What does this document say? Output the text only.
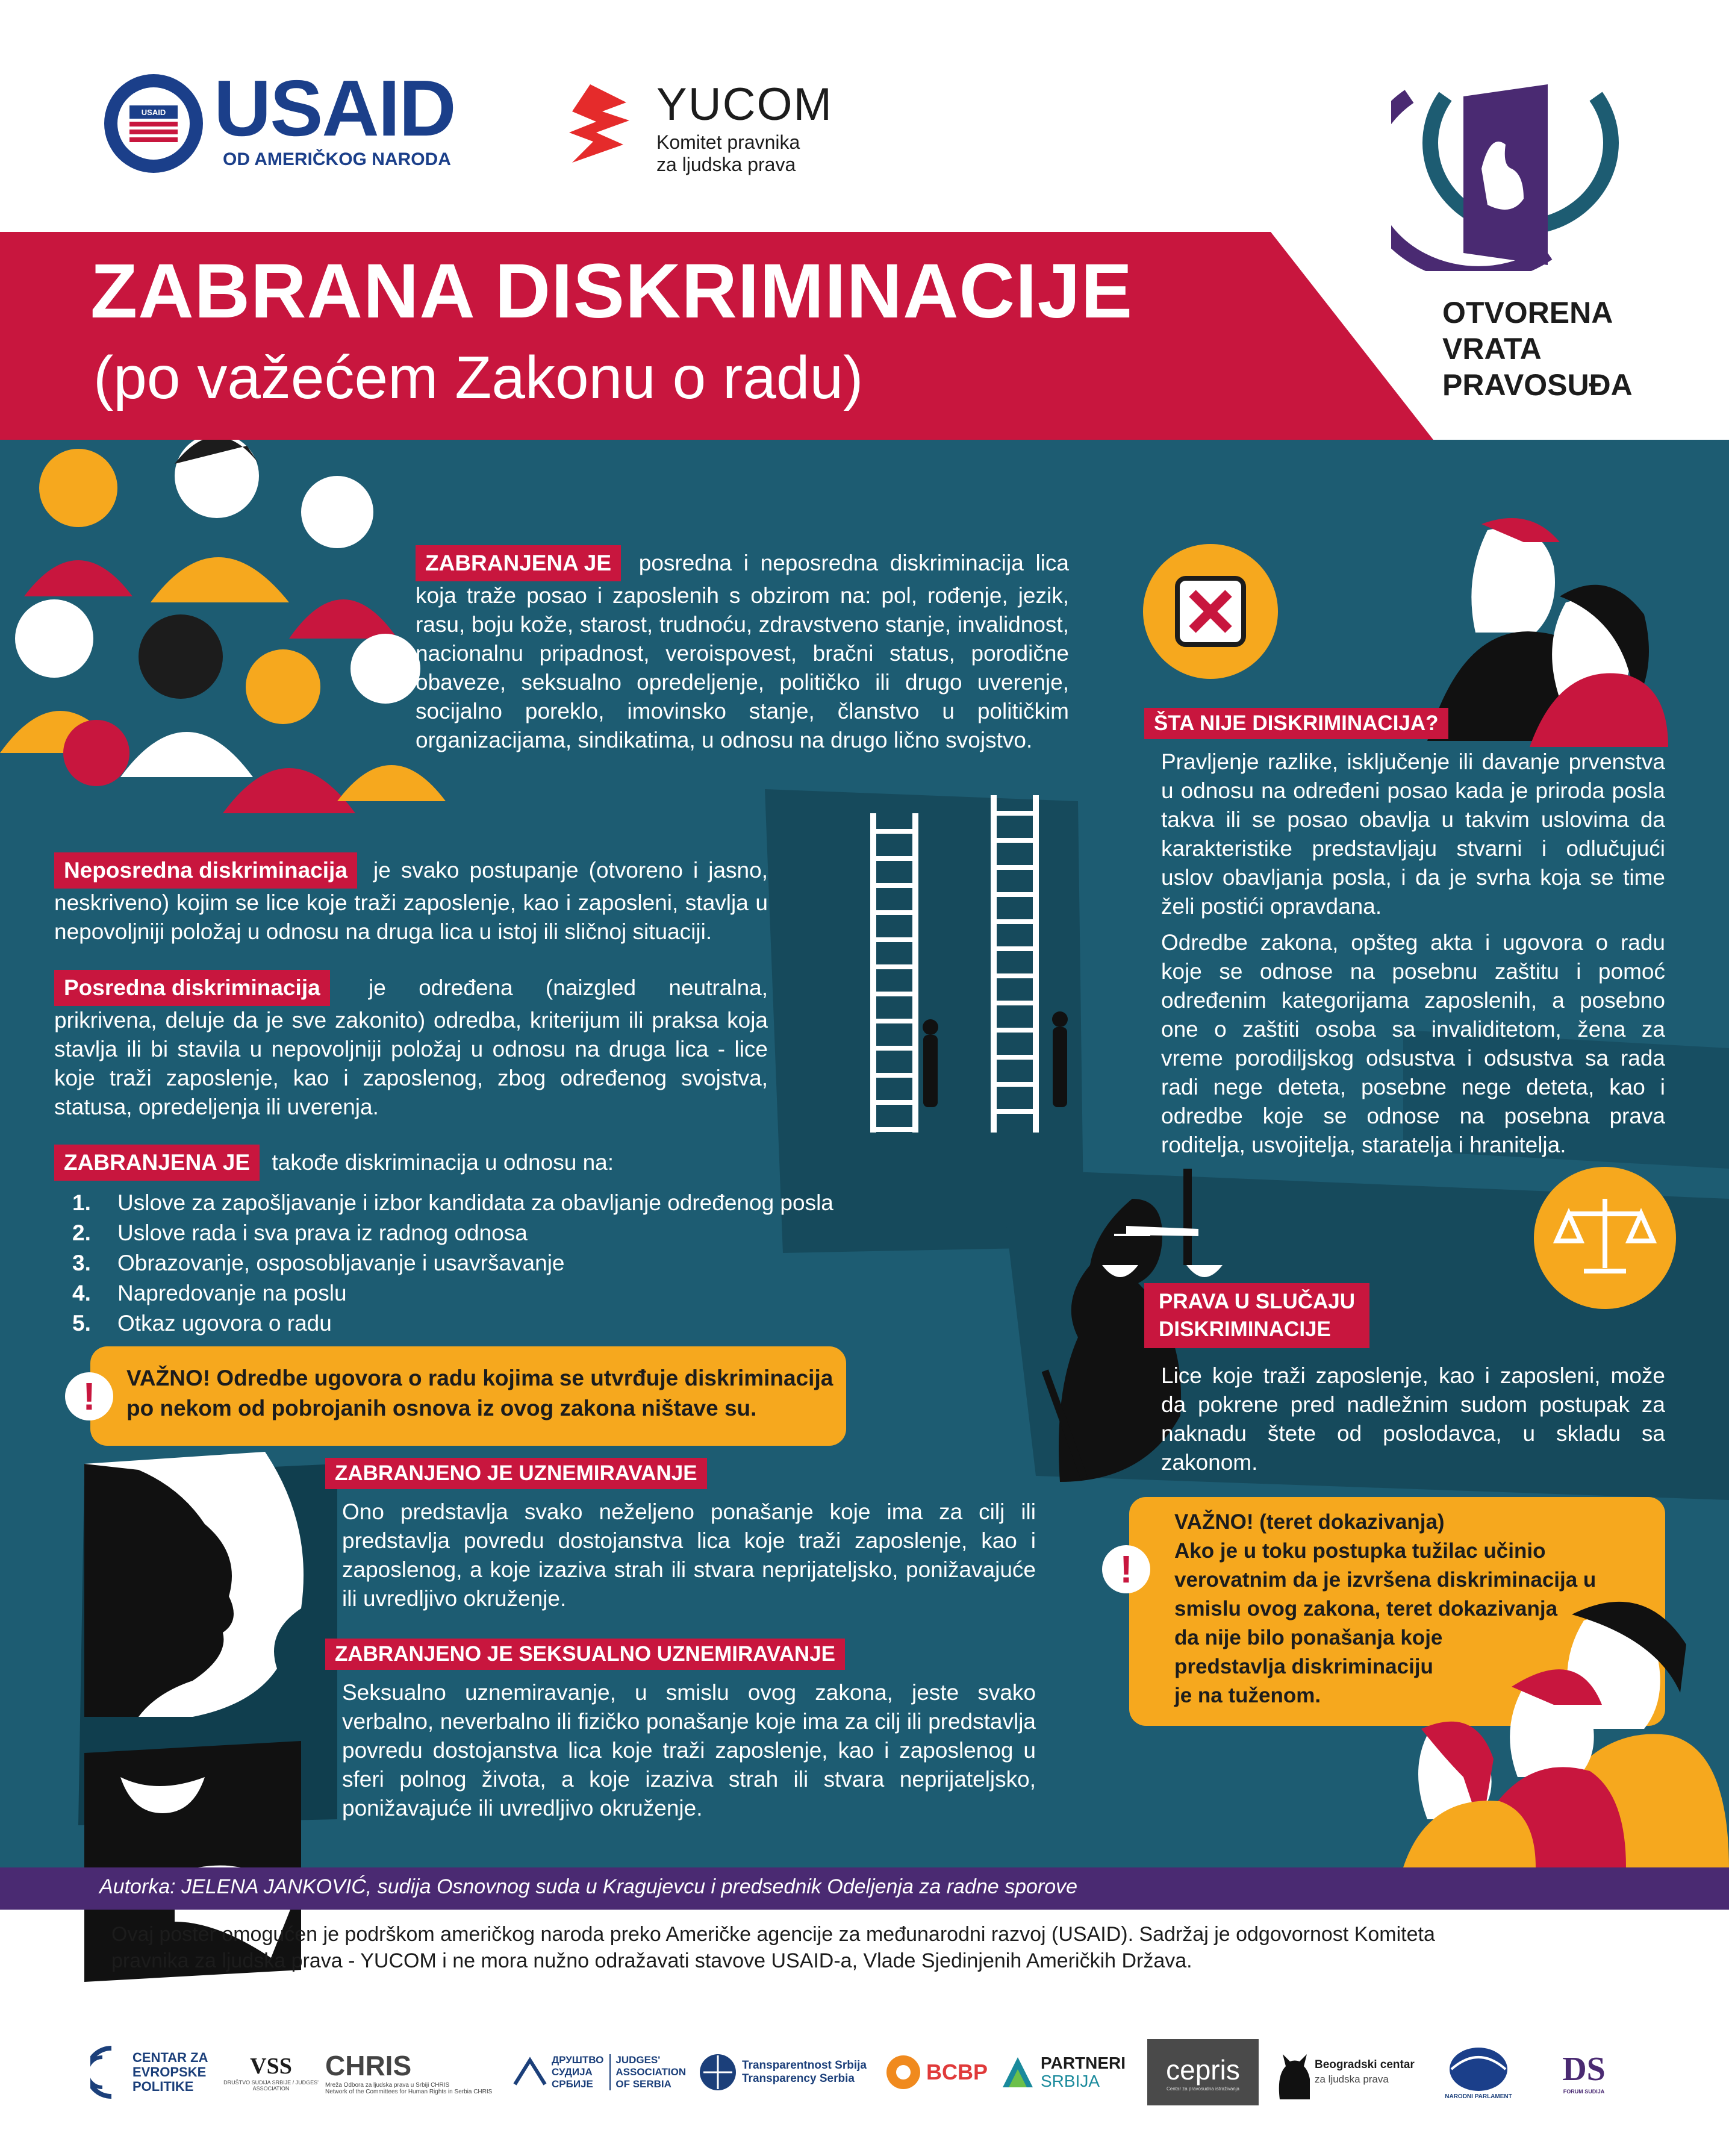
USAID USAID
OD AMERIČKOG NARODA
YUCOM
Komitet pravnika
za ljudska prava
ZABRANA DISKRIMINACIJE
(po važećem Zakonu o radu)
OTVORENA
VRATA
PRAVOSUĐA
ZABRANJENA JE posredna i neposredna diskriminacija lica koja traže posao i zaposlenih s obzirom na: pol, rođenje, jezik, rasu, boju kože, starost, trudnoću, zdravstveno stanje, invalidnost, nacionalnu pripadnost, veroispovest, bračni status, porodične obaveze, seksualno opredeljenje, političko ili drugo uverenje, socijalno poreklo, imovinsko stanje, članstvo u političkim organizacijama, sindikatima, u odnosu na drugo lično svojstvo.
Neposredna diskriminacija je svako postupanje (otvoreno i jasno, neskriveno) kojim se lice koje traži zaposlenje, kao i zaposleni, stavlja u nepovoljniji položaj u odnosu na druga lica u istoj ili sličnoj situaciji.
Posredna diskriminacija je određena (naizgled neutralna, prikrivena, deluje da je sve zakonito) odredba, kriterijum ili praksa koja stavlja ili bi stavila u nepovoljniji položaj u odnosu na druga lica - lice koje traži zaposlenje, kao i zaposlenog, zbog određenog svojstva, statusa, opredeljenja ili uverenja.
ZABRANJENA JE takođe diskriminacija u odnosu na:
1. Uslove za zapošljavanje i izbor kandidata za obavljanje određenog posla
2. Uslove rada i sva prava iz radnog odnosa
3. Obrazovanje, osposobljavanje i usavršavanje
4. Napredovanje na poslu
5. Otkaz ugovora o radu
VAŽNO! Odredbe ugovora o radu kojima se utvrđuje diskriminacija
po nekom od pobrojanih osnova iz ovog zakona ništave su.
!
ZABRANJENO JE UZNEMIRAVANJE
Ono predstavlja svako neželjeno ponašanje koje ima za cilj ili predstavlja povredu dostojanstva lica koje traži zaposlenje, kao i zaposlenog, a koje izaziva strah ili stvara neprijateljsko, ponižavajuće ili uvredljivo okruženje.
ZABRANJENO JE SEKSUALNO UZNEMIRAVANJE
Seksualno uznemiravanje, u smislu ovog zakona, jeste svako verbalno, neverbalno ili fizičko ponašanje koje ima za cilj ili predstavlja povredu dostojanstva lica koje traži zaposlenje, kao i zaposlenog u sferi polnog života, a koje izaziva strah ili stvara neprijateljsko, ponižavajuće ili uvredljivo okruženje.
ŠTA NIJE DISKRIMINACIJA?
Pravljenje razlike, isključenje ili davanje prvenstva u odnosu na određeni posao kada je priroda posla takva ili se posao obavlja u takvim uslovima da karakteristike predstavljaju stvarni i odlučujući uslov obavljanja posla, i da je svrha koja se time želi postići opravdana.
Odredbe zakona, opšteg akta i ugovora o radu koje se odnose na posebnu zaštitu i pomoć određenim kategorijama zaposlenih, a posebno one o zaštiti osoba sa invaliditetom, žena za vreme porodiljskog odsustva i odsustva sa rada radi nege deteta, posebne nege deteta, kao i odredbe koje se odnose na posebna prava roditelja, usvojitelja, staratelja i hranitelja.
PRAVA U SLUČAJU
DISKRIMINACIJE
Lice koje traži zaposlenje, kao i zaposleni, može da pokrene pred nadležnim sudom postupak za naknadu štete od poslodavca, u skladu sa zakonom.
VAŽNO! (teret dokazivanja)
Ako je u toku postupka tužilac učinio
verovatnim da je izvršena diskriminacija u
smislu ovog zakona, teret dokazivanja
da nije bilo ponašanja koje
predstavlja diskriminaciju
je na tuženom.
!
Autorka: JELENA JANKOVIĆ, sudija Osnovnog suda u Kragujevcu i predsednik Odeljenja za radne sporove
Ovaj poster omogućen je podrškom američkog naroda preko Američke agencije za međunarodni razvoj (USAID). Sadržaj je odgovornost Komiteta
pravnika za ljudska prava - YUCOM i ne mora nužno odražavati stavove USAID-a, Vlade Sjedinjenih Američkih Država.
CENTAR ZA EVROPSKE POLITIKE
VSS
DRUŠTVO SUDIJA SRBIJE / JUDGES' ASSOCIATION
CHRIS
Mreža Odbora za ljudska prava u Srbiji CHRIS
Network of the Committees for Human Rights in Serbia CHRIS
ДРУШТВО
СУДИЈА
СРБИЈЕ
JUDGES'
ASSOCIATION
OF SERBIA
Transparentnost Srbija
Transparency Serbia	BCBP	PARTNERI
SRBIJA	cepris
Centar za pravosudna istraživanja
Beogradski centar
za ljudska prava
NARODNI PARLAMENT
DS
FORUM SUDIJA
